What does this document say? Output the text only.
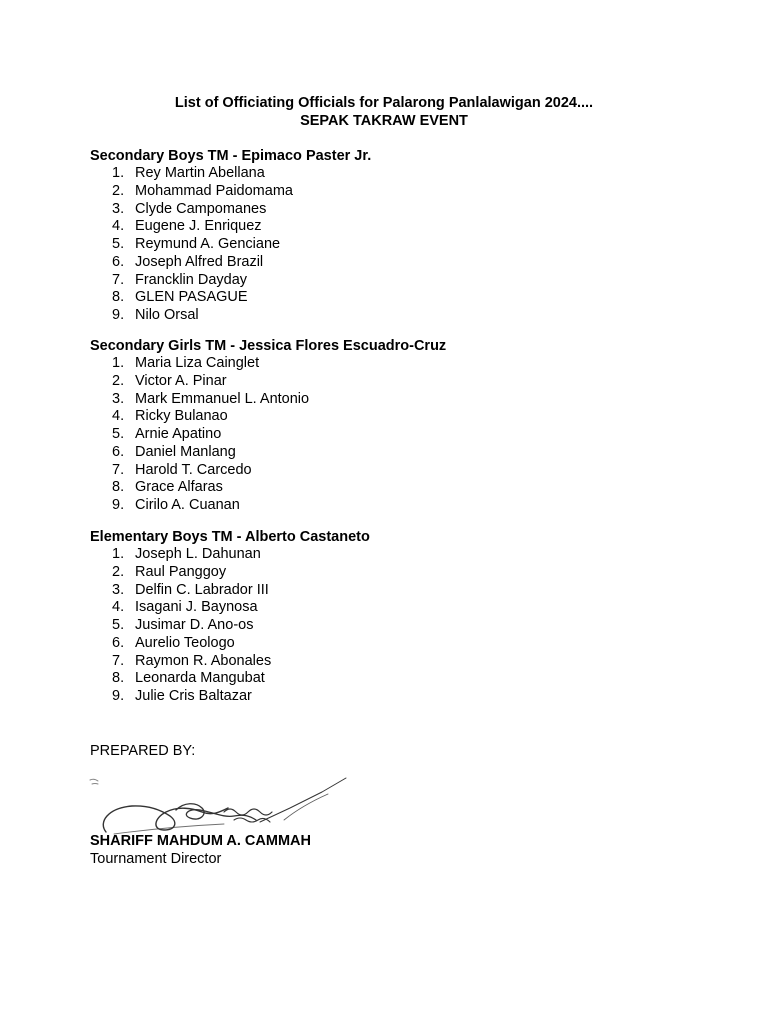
List of Officiating Officials for Palarong Panlalawigan 2024....
SEPAK TAKRAW EVENT

Secondary Boys TM - Epimaco Paster Jr.

1. Rey Martin Abellana
2. Mohammad Paidomama
3. Clyde Campomanes
4. Eugene J. Enriquez
5. Reymund A. Genciane
6. Joseph Alfred Brazil
7. Francklin Dayday
8. GLEN PASAGUE
9. Nilo Orsal

Secondary Girls TM - Jessica Flores Escuadro-Cruz

1. Maria Liza Cainglet
2. Victor A. Pinar
3. Mark Emmanuel L. Antonio
4. Ricky Bulanao
5. Arnie Apatino
6. Daniel Manlang
7. Harold T. Carcedo
8. Grace Alfaras
9. Cirilo A. Cuanan

Elementary Boys TM - Alberto Castaneto

1. Joseph L. Dahunan
2. Raul Panggoy
3. Delfin C. Labrador III
4. Isagani J. Baynosa
5. Jusimar D. Ano-os
6. Aurelio Teologo
7. Raymon R. Abonales
8. Leonarda Mangubat
9. Julie Cris Baltazar
PREPARED BY:
SHARIFF MAHDUM A. CAMMAH
Tournament Director
